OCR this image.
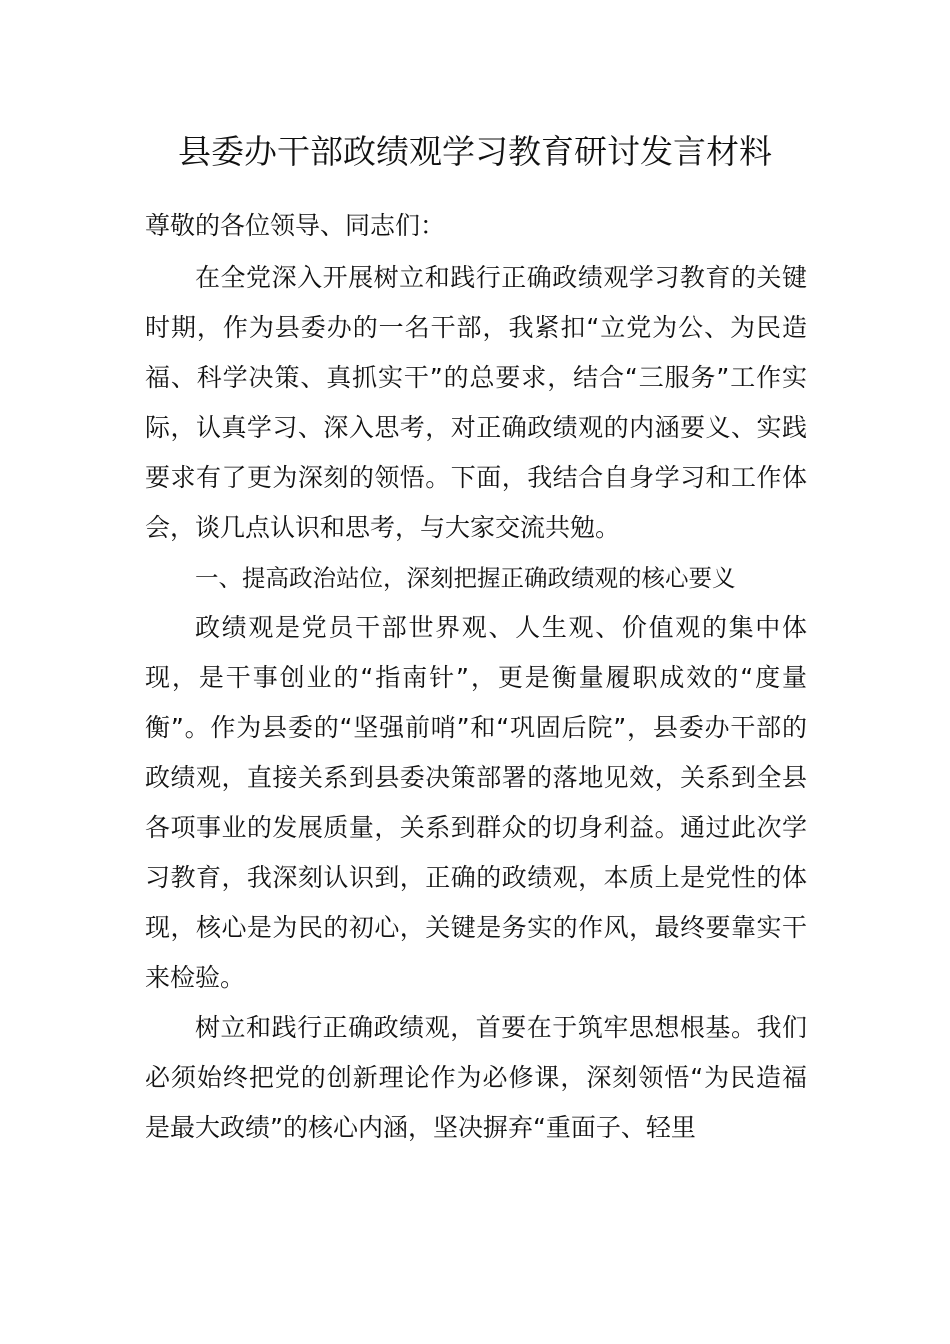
县委办干部政绩观学习教育研讨发言材料

尊敬的各位领导、同志们：

在全党深入开展树立和践行正确政绩观学习教育的关键时期，作为县委办的一名干部，我紧扣“立党为公、为民造福、科学决策、真抓实干”的总要求，结合“三服务”工作实际，认真学习、深入思考，对正确政绩观的内涵要义、实践要求有了更为深刻的领悟。下面，我结合自身学习和工作体会，谈几点认识和思考，与大家交流共勉。

一、提高政治站位，深刻把握正确政绩观的核心要义

政绩观是党员干部世界观、人生观、价值观的集中体现，是干事创业的“指南针”，更是衡量履职成效的“度量衡”。作为县委的“坚强前哨”和“巩固后院”，县委办干部的政绩观，直接关系到县委决策部署的落地见效，关系到全县各项事业的发展质量，关系到群众的切身利益。通过此次学习教育，我深刻认识到，正确的政绩观，本质上是党性的体现，核心是为民的初心，关键是务实的作风，最终要靠实干来检验。

树立和践行正确政绩观，首要在于筑牢思想根基。我们必须始终把党的创新理论作为必修课，深刻领悟“为民造福是最大政绩”的核心内涵，坚决摒弃“重面子、轻里
